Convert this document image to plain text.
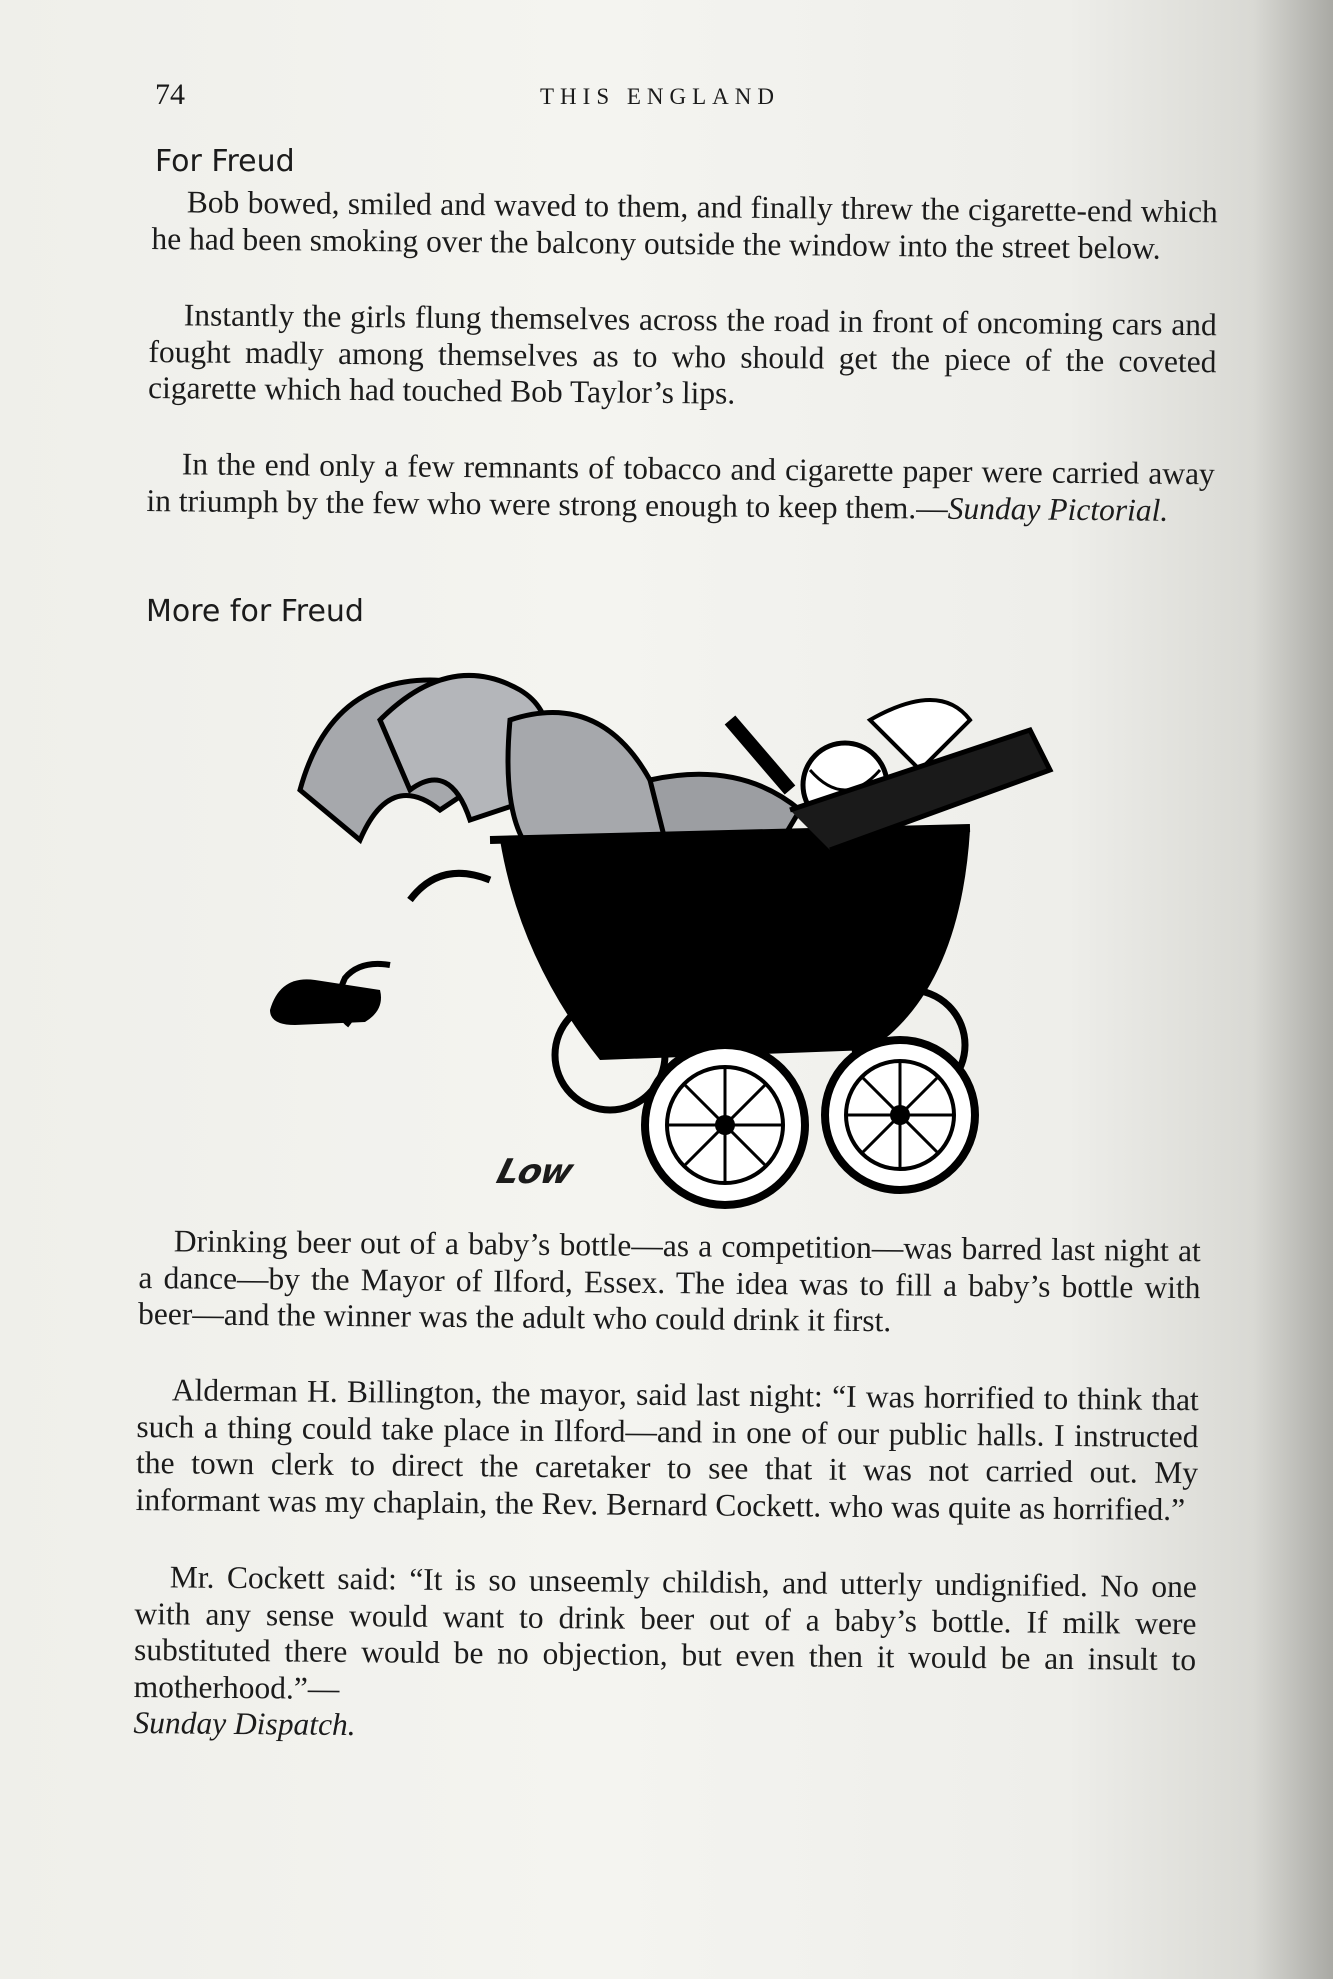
74	THIS ENGLAND
For Freud

Bob bowed, smiled and waved to them, and finally threw the cigarette-end which he had been smoking over the balcony outside the window into the street below.

Instantly the girls flung themselves across the road in front of oncoming cars and fought madly among themselves as to who should get the piece of the coveted cigarette which had touched Bob Taylor’s lips.

In the end only a few remnants of tobacco and cigarette paper were carried away in triumph by the few who were strong enough to keep them.—Sunday Pictorial.

More for Freud
Low

Drinking beer out of a baby’s bottle—as a competition—was barred last night at a dance—by the Mayor of Ilford, Essex. The idea was to fill a baby’s bottle with beer—and the winner was the adult who could drink it first.

Alderman H. Billington, the mayor, said last night: “I was horrified to think that such a thing could take place in Ilford—and in one of our public halls. I instructed the town clerk to direct the caretaker to see that it was not carried out. My informant was my chaplain, the Rev. Bernard Cockett. who was quite as horrified.”

Mr. Cockett said: “It is so unseemly childish, and utterly undignified. No one with any sense would want to drink beer out of a baby’s bottle. If milk were substituted there would be no objection, but even then it would be an insult to motherhood.”—
Sunday Dispatch.
